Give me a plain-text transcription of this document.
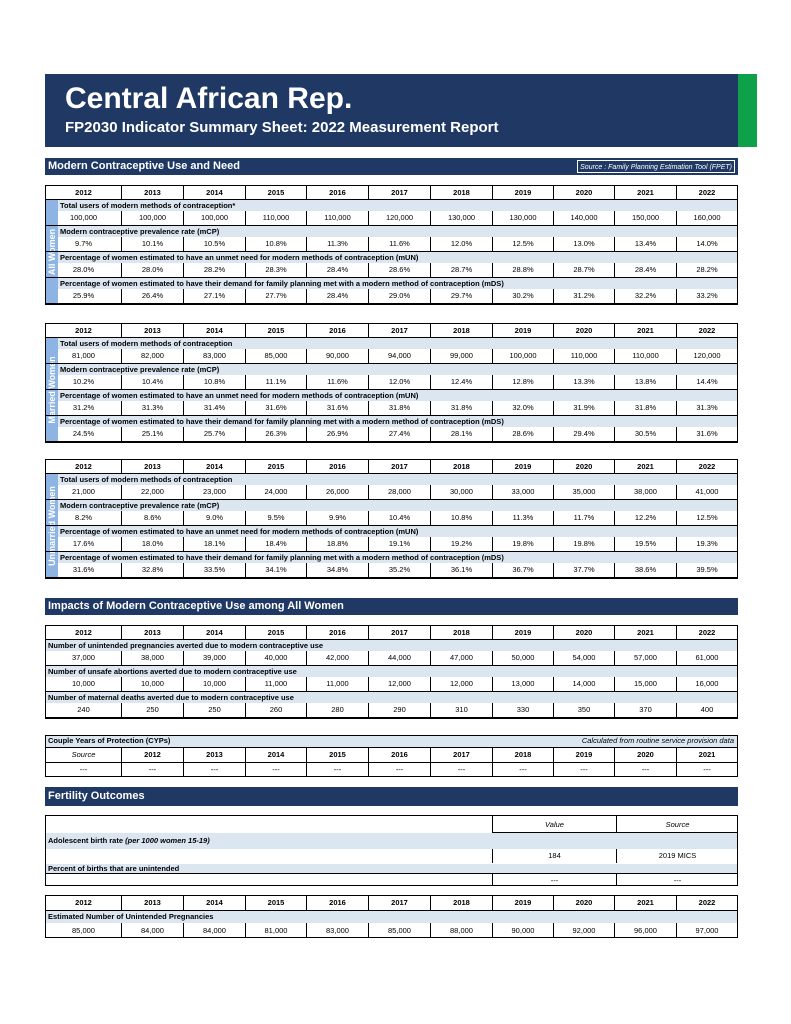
Central African Rep.
FP2030 Indicator Summary Sheet: 2022 Measurement Report
Modern Contraceptive Use and Need	Source : Family Planning Estimation Tool (FPET)
All Women
2012	2013	2014	2015	2016	2017	2018	2019	2020	2021	2022
Total users of modern methods of contraception*
100,000	100,000	100,000	110,000	110,000	120,000	130,000	130,000	140,000	150,000	160,000
Modern contraceptive prevalence rate (mCP)
9.7%	10.1%	10.5%	10.8%	11.3%	11.6%	12.0%	12.5%	13.0%	13.4%	14.0%
Percentage of women estimated to have an unmet need for modern methods of contraception (mUN)
28.0%	28.0%	28.2%	28.3%	28.4%	28.6%	28.7%	28.8%	28.7%	28.4%	28.2%
Percentage of women estimated to have their demand for family planning met with a modern method of contraception (mDS)
25.9%	26.4%	27.1%	27.7%	28.4%	29.0%	29.7%	30.2%	31.2%	32.2%	33.2%
Married Women
2012	2013	2014	2015	2016	2017	2018	2019	2020	2021	2022
Total users of modern methods of contraception
81,000	82,000	83,000	85,000	90,000	94,000	99,000	100,000	110,000	110,000	120,000
Modern contraceptive prevalence rate (mCP)
10.2%	10.4%	10.8%	11.1%	11.6%	12.0%	12.4%	12.8%	13.3%	13.8%	14.4%
Percentage of women estimated to have an unmet need for modern methods of contraception (mUN)
31.2%	31.3%	31.4%	31.6%	31.6%	31.8%	31.8%	32.0%	31.9%	31.8%	31.3%
Percentage of women estimated to have their demand for family planning met with a modern method of contraception (mDS)
24.5%	25.1%	25.7%	26.3%	26.9%	27.4%	28.1%	28.6%	29.4%	30.5%	31.6%
Unmarried Women
2012	2013	2014	2015	2016	2017	2018	2019	2020	2021	2022
Total users of modern methods of contraception
21,000	22,000	23,000	24,000	26,000	28,000	30,000	33,000	35,000	38,000	41,000
Modern contraceptive prevalence rate (mCP)
8.2%	8.6%	9.0%	9.5%	9.9%	10.4%	10.8%	11.3%	11.7%	12.2%	12.5%
Percentage of women estimated to have an unmet need for modern methods of contraception (mUN)
17.6%	18.0%	18.1%	18.4%	18.8%	19.1%	19.2%	19.8%	19.8%	19.5%	19.3%
Percentage of women estimated to have their demand for family planning met with a modern method of contraception (mDS)
31.6%	32.8%	33.5%	34.1%	34.8%	35.2%	36.1%	36.7%	37.7%	38.6%	39.5%
Impacts of Modern Contraceptive Use among All Women
2012	2013	2014	2015	2016	2017	2018	2019	2020	2021	2022
Number of unintended pregnancies averted due to modern contraceptive use
37,000	38,000	39,000	40,000	42,000	44,000	47,000	50,000	54,000	57,000	61,000
Number of unsafe abortions averted due to modern contraceptive use
10,000	10,000	10,000	11,000	11,000	12,000	12,000	13,000	14,000	15,000	16,000
Number of maternal deaths averted due to modern contraceptive use
240	250	250	260	280	290	310	330	350	370	400
Couple Years of Protection (CYPs)	Calculated from routine service provision data
Source	2012	2013	2014	2015	2016	2017	2018	2019	2020	2021
---	---	---	---	---	---	---	---	---	---	---
Fertility Outcomes
Value	Source
Adolescent birth rate (per 1000 women 15-19)
184	2019 MICS
Percent of births that are unintended
---	---
2012	2013	2014	2015	2016	2017	2018	2019	2020	2021	2022
Estimated Number of Unintended Pregnancies
85,000	84,000	84,000	81,000	83,000	85,000	88,000	90,000	92,000	96,000	97,000
